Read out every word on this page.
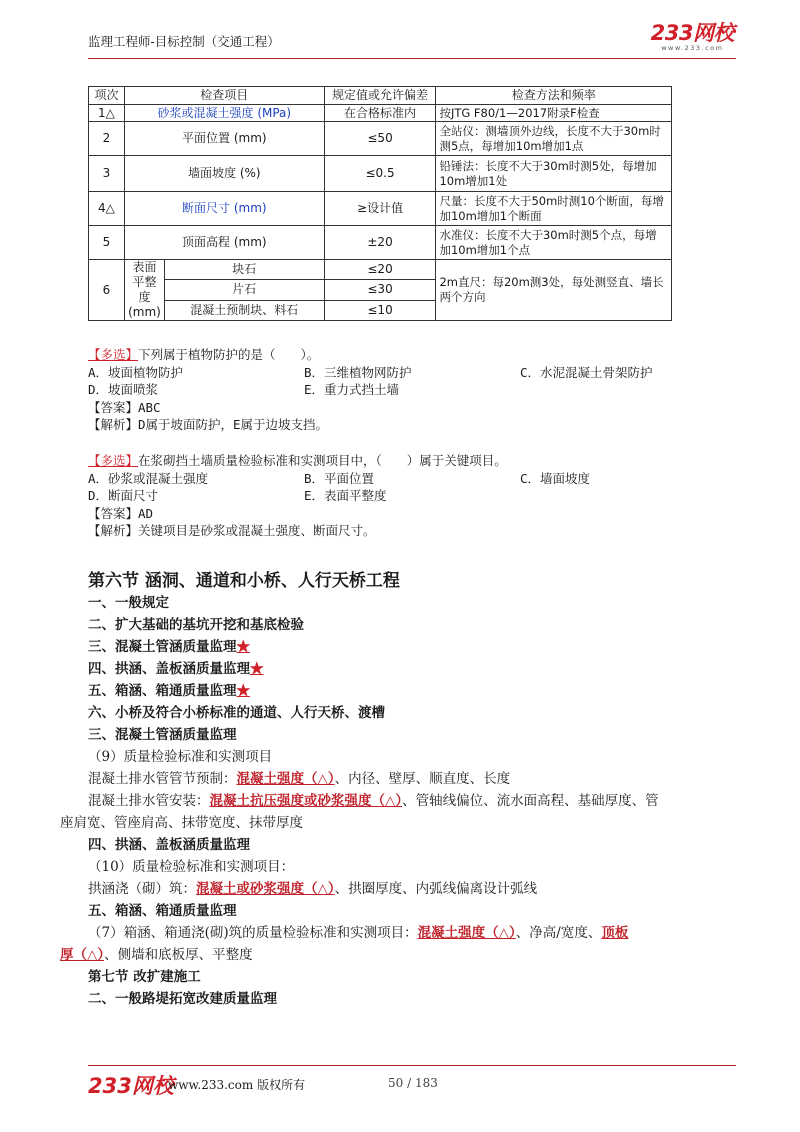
监理工程师-目标控制（交通工程）	233网校
www.233.com
项次	检查项目		规定值或允许偏差	检查方法和频率
1△	砂浆或混凝土强度 (MPa)		在合格标准内	按JTG F80/1—2017附录F检查
2	平面位置 (mm)		≤50	全站仪：测墙顶外边线，长度不大于30m时测5点，每增加10m增加1点
3	墙面坡度 (%)		≤0.5	铅锤法：长度不大于30m时测5处，每增加10m增加1处
4△	断面尺寸 (mm)		≥设计值	尺量：长度不大于50m时测10个断面，每增加10m增加1个断面
5	顶面高程 (mm)		±20	水准仪：长度不大于30m时测5个点，每增加10m增加1个点
6	表面平整度 (mm)	块石	≤20	2m直尺：每20m测3处，每处测竖直、墙长两个方向
		片石	≤30	
		混凝土预制块、料石	≤10	
【多选】下列属于植物防护的是（　　）。
A．坡面植物防护	B．三维植物网防护	C．水泥混凝土骨架防护
D．坡面喷浆	E．重力式挡土墙
【答案】ABC
【解析】D属于坡面防护，E属于边坡支挡。
【多选】在浆砌挡土墙质量检验标准和实测项目中，（　　）属于关键项目。
A．砂浆或混凝土强度	B．平面位置	C．墙面坡度
D．断面尺寸	E．表面平整度
【答案】AD
【解析】关键项目是砂浆或混凝土强度、断面尺寸。
第六节 涵洞、通道和小桥、人行天桥工程
一、一般规定
二、扩大基础的基坑开挖和基底检验
三、混凝土管涵质量监理★
四、拱涵、盖板涵质量监理★
五、箱涵、箱通质量监理★
六、小桥及符合小桥标准的通道、人行天桥、渡槽
三、混凝土管涵质量监理
（9）质量检验标准和实测项目
混凝土排水管管节预制：混凝土强度（△）、内径、壁厚、顺直度、长度
混凝土排水管安装：混凝土抗压强度或砂浆强度（△）、管轴线偏位、流水面高程、基础厚度、管
座肩宽、管座肩高、抹带宽度、抹带厚度
四、拱涵、盖板涵质量监理
（10）质量检验标准和实测项目：
拱涵浇（砌）筑：混凝土或砂浆强度（△）、拱圈厚度、内弧线偏离设计弧线
五、箱涵、箱通质量监理
（7）箱涵、箱通浇(砌)筑的质量检验标准和实测项目：混凝土强度（△）、净高/宽度、顶板
厚（△）、侧墙和底板厚、平整度
第七节 改扩建施工
二、一般路堤拓宽改建质量监理
233网校
www.233.com 版权所有	50 / 183
